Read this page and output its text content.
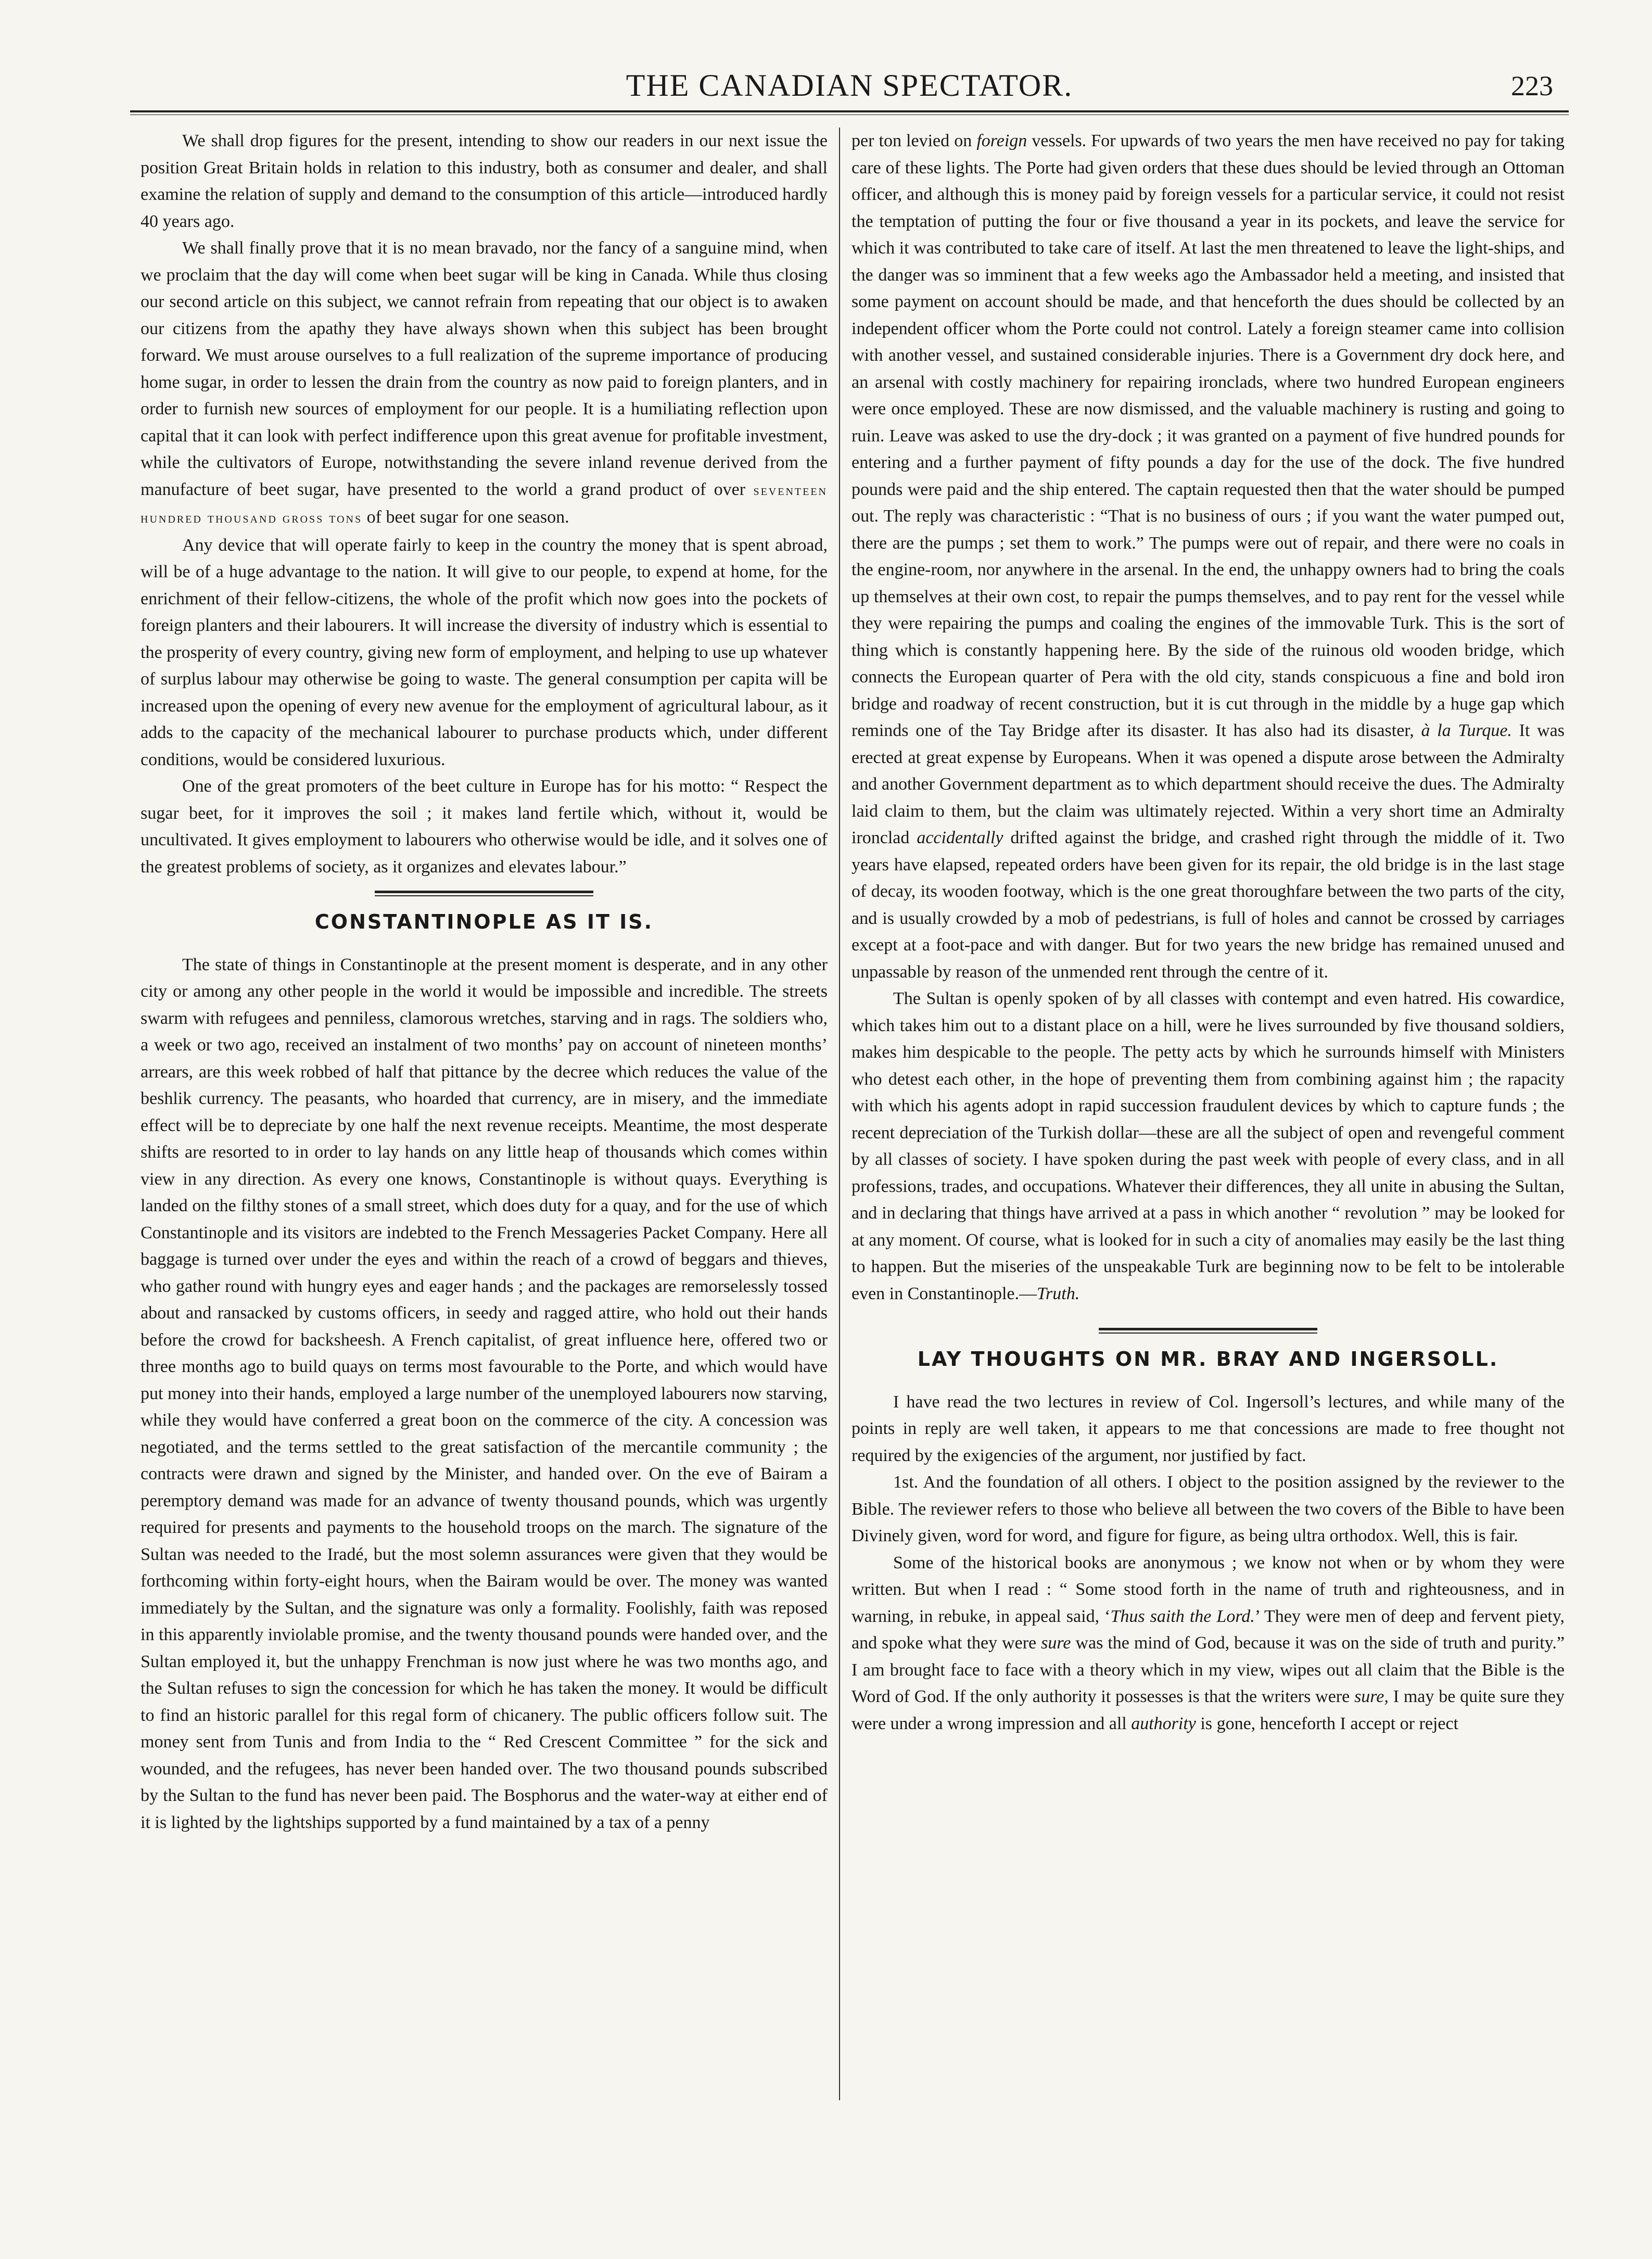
THE CANADIAN SPECTATOR.	223

We shall drop figures for the present, intending to show our readers in our next issue the position Great Britain holds in relation to this industry, both as consumer and dealer, and shall examine the relation of supply and demand to the consumption of this article—introduced hardly 40 years ago.

We shall finally prove that it is no mean bravado, nor the fancy of a sanguine mind, when we proclaim that the day will come when beet sugar will be king in Canada. While thus closing our second article on this subject, we cannot refrain from repeating that our object is to awaken our citizens from the apathy they have always shown when this subject has been brought forward. We must arouse ourselves to a full realization of the supreme importance of producing home sugar, in order to lessen the drain from the country as now paid to foreign planters, and in order to furnish new sources of employment for our people. It is a humiliating reflection upon capital that it can look with perfect indifference upon this great avenue for profitable investment, while the cultivators of Europe, notwithstanding the severe inland revenue derived from the manufacture of beet sugar, have presented to the world a grand product of over seventeen hundred thousand gross tons of beet sugar for one season.

Any device that will operate fairly to keep in the country the money that is spent abroad, will be of a huge advantage to the nation. It will give to our people, to expend at home, for the enrichment of their fellow-citizens, the whole of the profit which now goes into the pockets of foreign planters and their labourers. It will increase the diversity of industry which is essential to the prosperity of every country, giving new form of employment, and helping to use up whatever of surplus labour may otherwise be going to waste. The general consumption per capita will be increased upon the opening of every new avenue for the employment of agricultural labour, as it adds to the capacity of the mechanical labourer to purchase products which, under different conditions, would be considered luxurious.

One of the great promoters of the beet culture in Europe has for his motto: “ Respect the sugar beet, for it improves the soil ; it makes land fertile which, without it, would be uncultivated. It gives employment to labourers who otherwise would be idle, and it solves one of the greatest problems of society, as it organizes and elevates labour.”

CONSTANTINOPLE AS IT IS.

The state of things in Constantinople at the present moment is desperate, and in any other city or among any other people in the world it would be impossible and incredible. The streets swarm with refugees and penniless, clamorous wretches, starving and in rags. The soldiers who, a week or two ago, received an instalment of two months’ pay on account of nineteen months’ arrears, are this week robbed of half that pittance by the decree which reduces the value of the beshlik currency. The peasants, who hoarded that currency, are in misery, and the immediate effect will be to depreciate by one half the next revenue receipts. Meantime, the most desperate shifts are resorted to in order to lay hands on any little heap of thousands which comes within view in any direction. As every one knows, Constantinople is without quays. Everything is landed on the filthy stones of a small street, which does duty for a quay, and for the use of which Constantinople and its visitors are indebted to the French Messageries Packet Company. Here all baggage is turned over under the eyes and within the reach of a crowd of beggars and thieves, who gather round with hungry eyes and eager hands ; and the packages are remorselessly tossed about and ransacked by customs officers, in seedy and ragged attire, who hold out their hands before the crowd for backsheesh. A French capitalist, of great influence here, offered two or three months ago to build quays on terms most favourable to the Porte, and which would have put money into their hands, employed a large number of the unemployed labourers now starving, while they would have conferred a great boon on the commerce of the city. A concession was negotiated, and the terms settled to the great satisfaction of the mercantile community ; the contracts were drawn and signed by the Minister, and handed over. On the eve of Bairam a peremptory demand was made for an advance of twenty thousand pounds, which was urgently required for presents and payments to the household troops on the march. The signature of the Sultan was needed to the Iradé, but the most solemn assurances were given that they would be forthcoming within forty-eight hours, when the Bairam would be over. The money was wanted immediately by the Sultan, and the signature was only a formality. Foolishly, faith was reposed in this apparently inviolable promise, and the twenty thousand pounds were handed over, and the Sultan employed it, but the unhappy Frenchman is now just where he was two months ago, and the Sultan refuses to sign the concession for which he has taken the money. It would be difficult to find an historic parallel for this regal form of chicanery. The public officers follow suit. The money sent from Tunis and from India to the “ Red Crescent Committee ” for the sick and wounded, and the refugees, has never been handed over. The two thousand pounds subscribed by the Sultan to the fund has never been paid. The Bosphorus and the water-way at either end of it is lighted by the lightships supported by a fund maintained by a tax of a penny

per ton levied on foreign vessels. For upwards of two years the men have received no pay for taking care of these lights. The Porte had given orders that these dues should be levied through an Ottoman officer, and although this is money paid by foreign vessels for a particular service, it could not resist the temptation of putting the four or five thousand a year in its pockets, and leave the service for which it was contributed to take care of itself. At last the men threatened to leave the light-ships, and the danger was so imminent that a few weeks ago the Ambassador held a meeting, and insisted that some payment on account should be made, and that henceforth the dues should be collected by an independent officer whom the Porte could not control. Lately a foreign steamer came into collision with another vessel, and sustained considerable injuries. There is a Government dry dock here, and an arsenal with costly machinery for repairing ironclads, where two hundred European engineers were once employed. These are now dismissed, and the valuable machinery is rusting and going to ruin. Leave was asked to use the dry-dock ; it was granted on a payment of five hundred pounds for entering and a further payment of fifty pounds a day for the use of the dock. The five hundred pounds were paid and the ship entered. The captain requested then that the water should be pumped out. The reply was characteristic : “That is no business of ours ; if you want the water pumped out, there are the pumps ; set them to work.” The pumps were out of repair, and there were no coals in the engine-room, nor anywhere in the arsenal. In the end, the unhappy owners had to bring the coals up themselves at their own cost, to repair the pumps themselves, and to pay rent for the vessel while they were repairing the pumps and coaling the engines of the immovable Turk. This is the sort of thing which is constantly happening here. By the side of the ruinous old wooden bridge, which connects the European quarter of Pera with the old city, stands conspicuous a fine and bold iron bridge and roadway of recent construction, but it is cut through in the middle by a huge gap which reminds one of the Tay Bridge after its disaster. It has also had its disaster, à la Turque. It was erected at great expense by Europeans. When it was opened a dispute arose between the Admiralty and another Government department as to which department should receive the dues. The Admiralty laid claim to them, but the claim was ultimately rejected. Within a very short time an Admiralty ironclad accidentally drifted against the bridge, and crashed right through the middle of it. Two years have elapsed, repeated orders have been given for its repair, the old bridge is in the last stage of decay, its wooden footway, which is the one great thoroughfare between the two parts of the city, and is usually crowded by a mob of pedestrians, is full of holes and cannot be crossed by carriages except at a foot-pace and with danger. But for two years the new bridge has remained unused and unpassable by reason of the unmended rent through the centre of it.

The Sultan is openly spoken of by all classes with contempt and even hatred. His cowardice, which takes him out to a distant place on a hill, were he lives surrounded by five thousand soldiers, makes him despicable to the people. The petty acts by which he surrounds himself with Ministers who detest each other, in the hope of preventing them from combining against him ; the rapacity with which his agents adopt in rapid succession fraudulent devices by which to capture funds ; the recent depreciation of the Turkish dollar—these are all the subject of open and revengeful comment by all classes of society. I have spoken during the past week with people of every class, and in all professions, trades, and occupations. Whatever their differences, they all unite in abusing the Sultan, and in declaring that things have arrived at a pass in which another “ revolution ” may be looked for at any moment. Of course, what is looked for in such a city of anomalies may easily be the last thing to happen. But the miseries of the unspeakable Turk are beginning now to be felt to be intolerable even in Constantinople.—Truth.

LAY THOUGHTS ON MR. BRAY AND INGERSOLL.

I have read the two lectures in review of Col. Ingersoll’s lectures, and while many of the points in reply are well taken, it appears to me that concessions are made to free thought not required by the exigencies of the argument, nor justified by fact.

1st. And the foundation of all others. I object to the position assigned by the reviewer to the Bible. The reviewer refers to those who believe all between the two covers of the Bible to have been Divinely given, word for word, and figure for figure, as being ultra orthodox. Well, this is fair.

Some of the historical books are anonymous ; we know not when or by whom they were written. But when I read : “ Some stood forth in the name of truth and righteousness, and in warning, in rebuke, in appeal said, ‘Thus saith the Lord.’ They were men of deep and fervent piety, and spoke what they were sure was the mind of God, because it was on the side of truth and purity.” I am brought face to face with a theory which in my view, wipes out all claim that the Bible is the Word of God. If the only authority it possesses is that the writers were sure, I may be quite sure they were under a wrong impression and all authority is gone, henceforth I accept or reject
